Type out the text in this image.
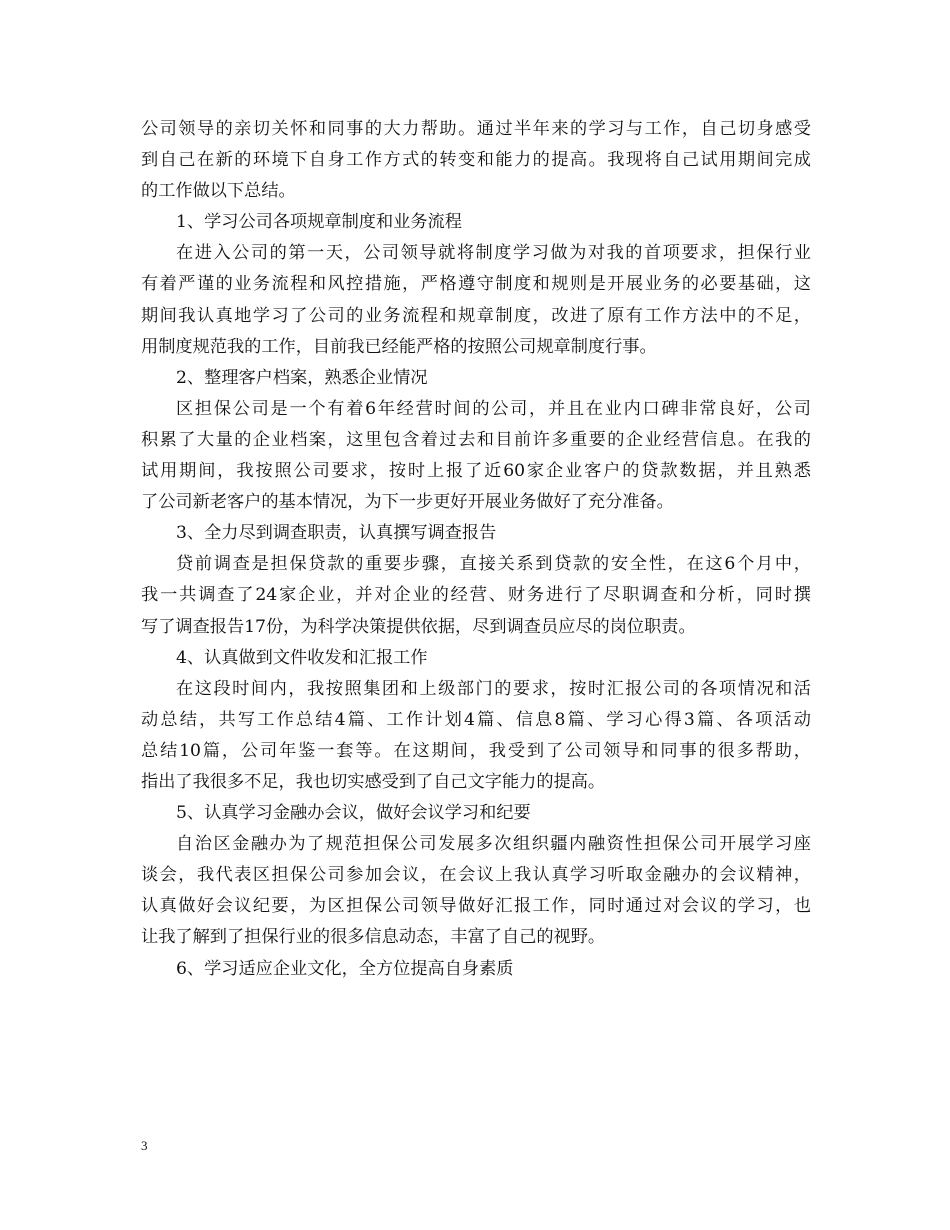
公司领导的亲切关怀和同事的大力帮助。通过半年来的学习与工作，自己切身感受
到自己在新的环境下自身工作方式的转变和能力的提高。我现将自己试用期间完成
的工作做以下总结。
1、学习公司各项规章制度和业务流程
在进入公司的第一天，公司领导就将制度学习做为对我的首项要求，担保行业
有着严谨的业务流程和风控措施，严格遵守制度和规则是开展业务的必要基础，这
期间我认真地学习了公司的业务流程和规章制度，改进了原有工作方法中的不足，
用制度规范我的工作，目前我已经能严格的按照公司规章制度行事。
2、整理客户档案，熟悉企业情况
区担保公司是一个有着6年经营时间的公司，并且在业内口碑非常良好，公司
积累了大量的企业档案，这里包含着过去和目前许多重要的企业经营信息。在我的
试用期间，我按照公司要求，按时上报了近60家企业客户的贷款数据，并且熟悉
了公司新老客户的基本情况，为下一步更好开展业务做好了充分准备。
3、全力尽到调查职责，认真撰写调查报告
贷前调查是担保贷款的重要步骤，直接关系到贷款的安全性，在这6个月中，
我一共调查了24家企业，并对企业的经营、财务进行了尽职调查和分析，同时撰
写了调查报告17份，为科学决策提供依据，尽到调查员应尽的岗位职责。
4、认真做到文件收发和汇报工作
在这段时间内，我按照集团和上级部门的要求，按时汇报公司的各项情况和活
动总结，共写工作总结4篇、工作计划4篇、信息8篇、学习心得3篇、各项活动
总结10篇，公司年鉴一套等。在这期间，我受到了公司领导和同事的很多帮助，
指出了我很多不足，我也切实感受到了自己文字能力的提高。
5、认真学习金融办会议，做好会议学习和纪要
自治区金融办为了规范担保公司发展多次组织疆内融资性担保公司开展学习座
谈会，我代表区担保公司参加会议，在会议上我认真学习听取金融办的会议精神，
认真做好会议纪要，为区担保公司领导做好汇报工作，同时通过对会议的学习，也
让我了解到了担保行业的很多信息动态，丰富了自己的视野。
6、学习适应企业文化，全方位提高自身素质
3
